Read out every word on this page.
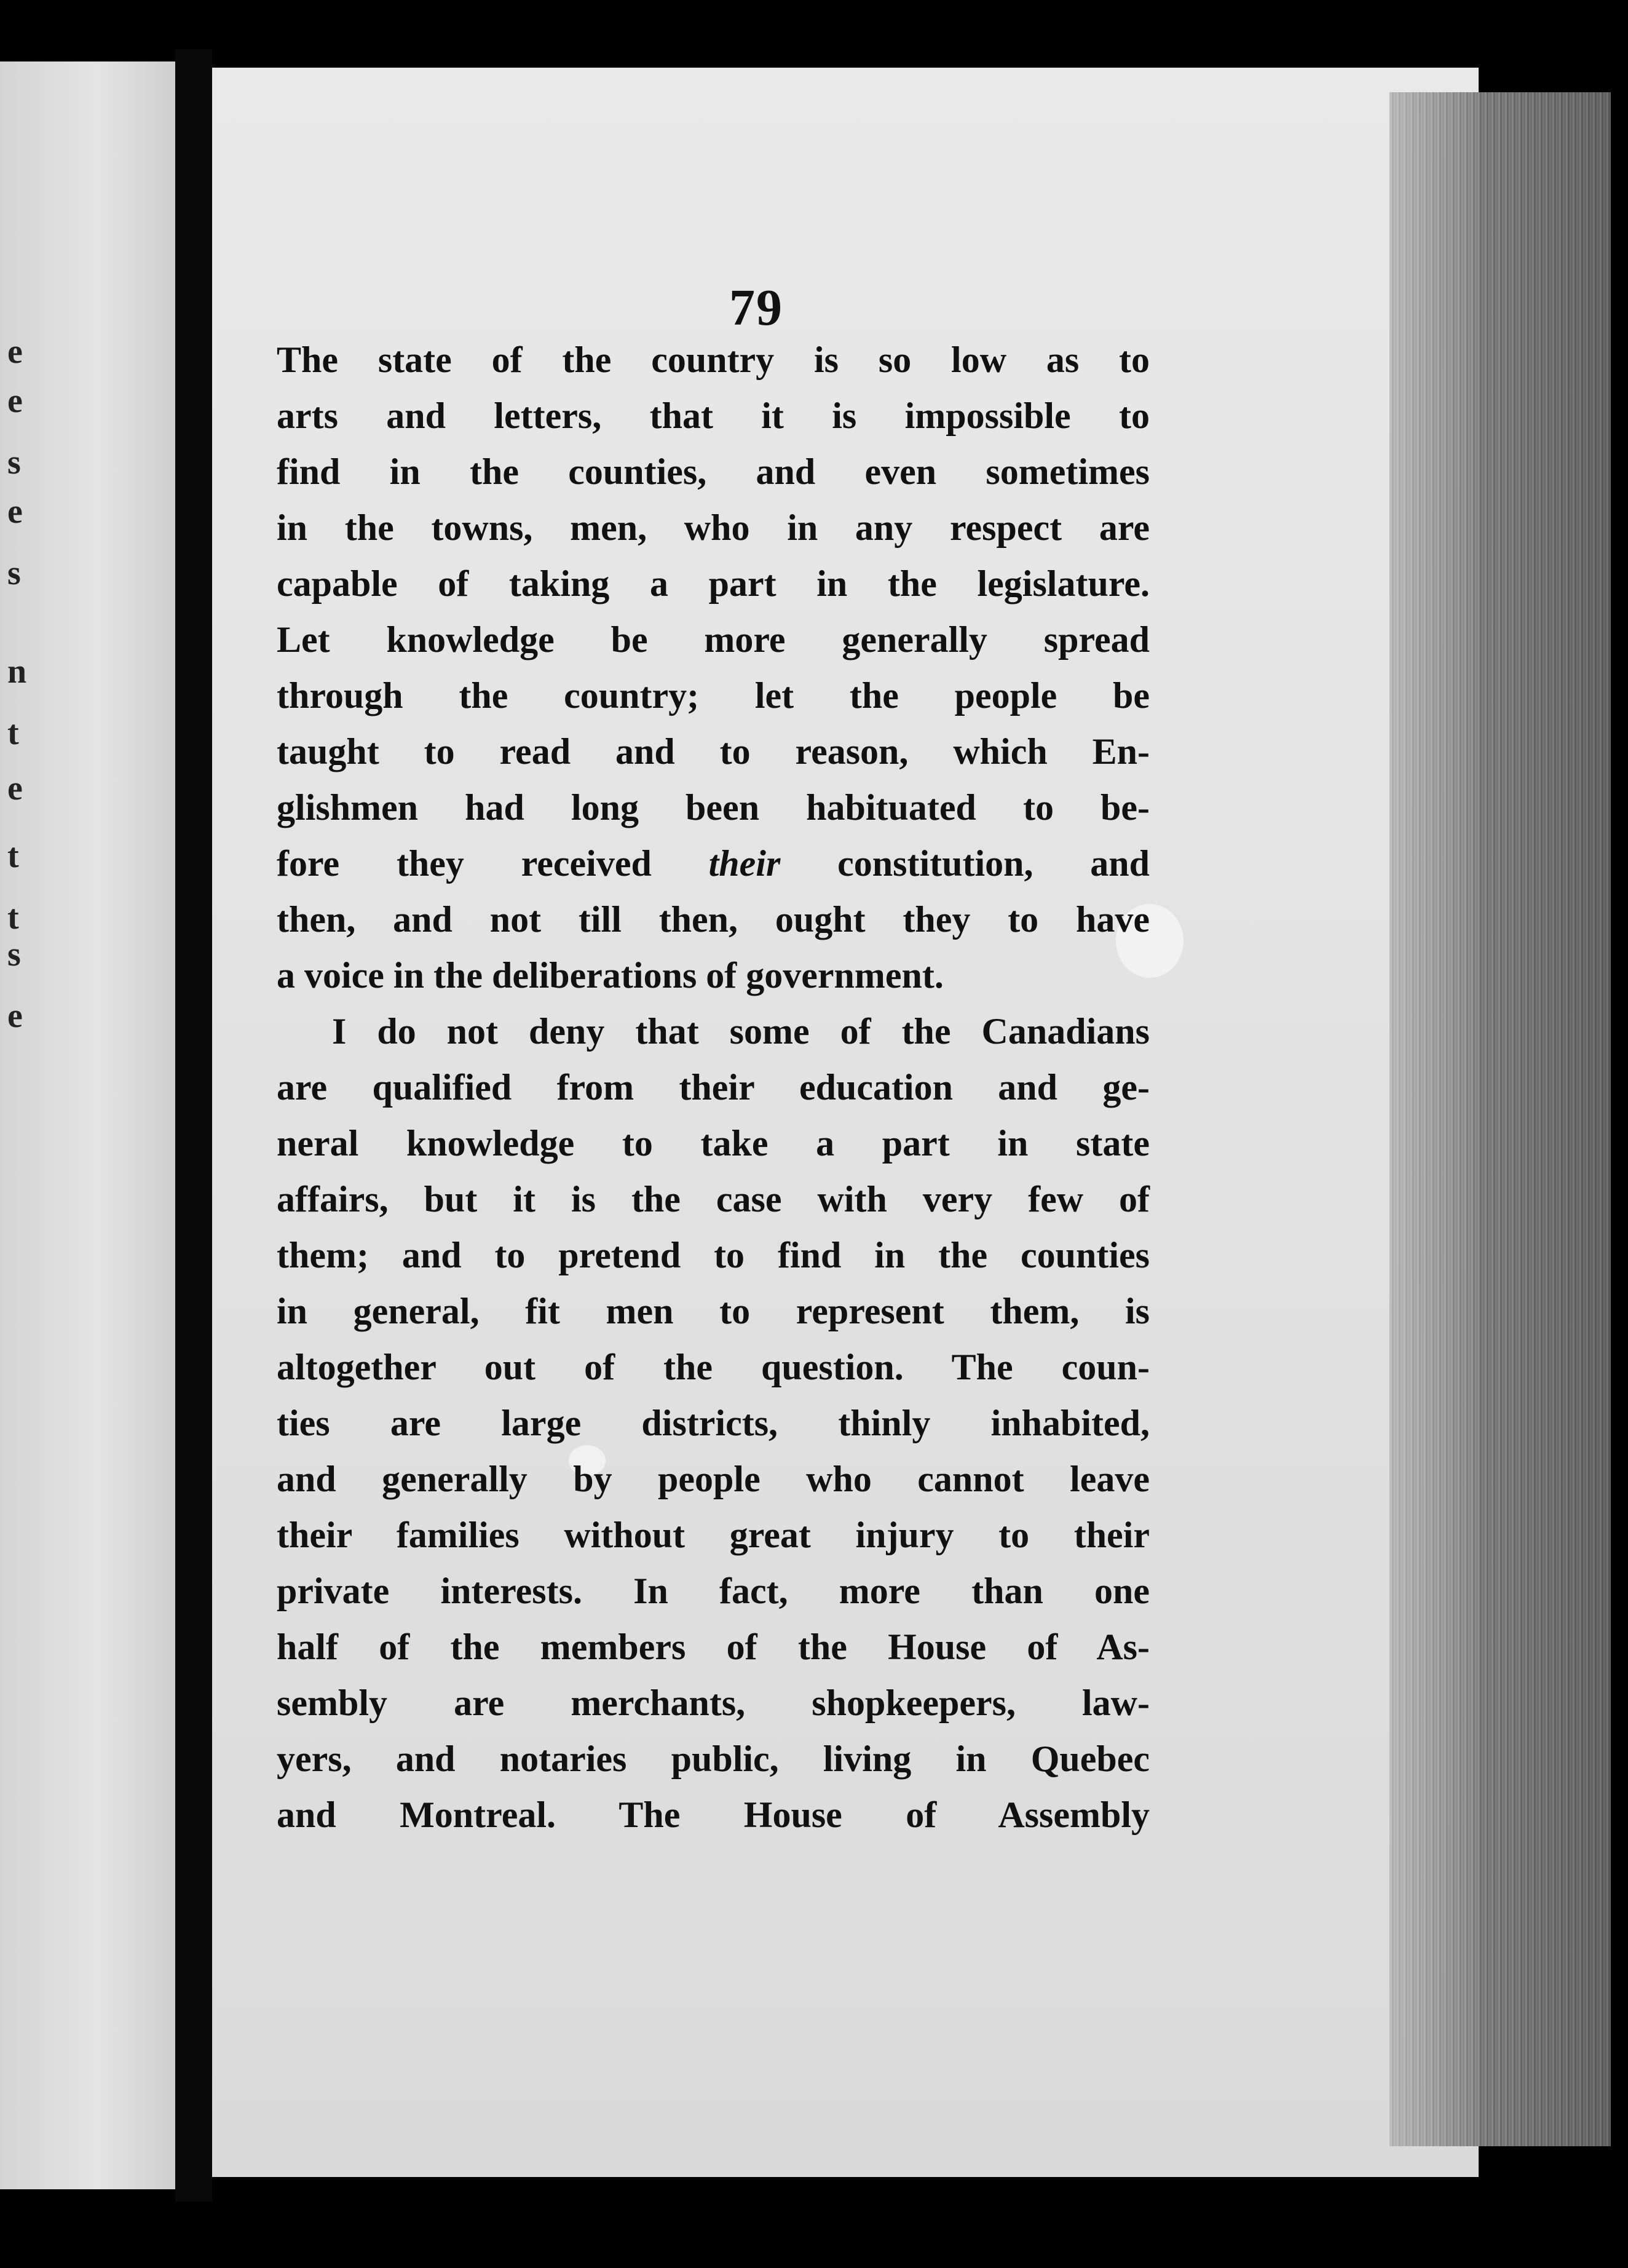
e
e
s
e
s
n
t
e
t
t
s
e
79
The state of the country is so low as to
arts and letters, that it is impossible to
find in the counties, and even sometimes
in the towns, men, who in any respect are
capable of taking a part in the legislature.
Let knowledge be more generally spread
through the country; let the people be
taught to read and to reason, which En-
glishmen had long been habituated to be-
fore they received their constitution, and
then, and not till then, ought they to have
a voice in the deliberations of government.
I do not deny that some of the Canadians
are qualified from their education and ge-
neral knowledge to take a part in state
affairs, but it is the case with very few of
them; and to pretend to find in the counties
in general, fit men to represent them, is
altogether out of the question. The coun-
ties are large districts, thinly inhabited,
and generally by people who cannot leave
their families without great injury to their
private interests. In fact, more than one
half of the members of the House of As-
sembly are merchants, shopkeepers, law-
yers, and notaries public, living in Quebec
and Montreal. The House of Assembly
